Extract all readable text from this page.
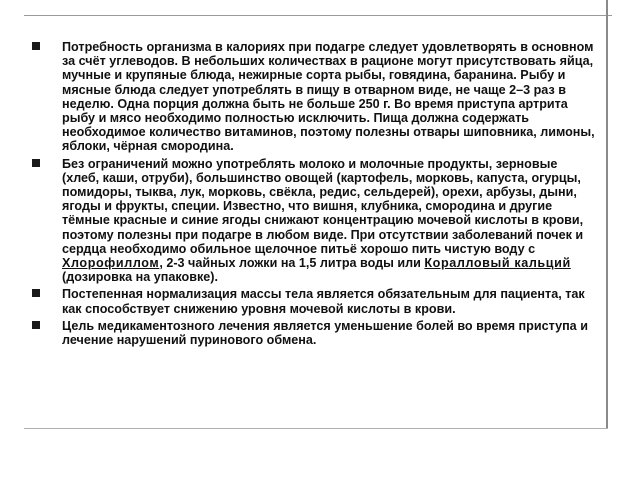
Потребность организма в калориях при подагре следует удовлетворять в основном за счёт углеводов. В небольших количествах в рационе могут присутствовать яйца, мучные и крупяные блюда, нежирные сорта рыбы, говядина, баранина. Рыбу и мясные блюда следует употреблять в пищу в отварном виде, не чаще 2–3 раз в неделю. Одна порция должна быть не больше 250 г. Во время приступа артрита рыбу и мясо необходимо полностью исключить. Пища должна содержать необходимое количество витаминов, поэтому полезны отвары шиповника, лимоны, яблоки, чёрная смородина.
Без ограничений можно употреблять молоко и молочные продукты, зерновые (хлеб, каши, отруби), большинство овощей (картофель, морковь, капуста, огурцы, помидоры, тыква, лук, морковь, свёкла, редис, сельдерей), орехи, арбузы, дыни, ягоды и фрукты, специи. Известно, что вишня, клубника, смородина и другие тёмные красные и синие ягоды снижают концентрацию мочевой кислоты в крови, поэтому полезны при подагре в любом виде. При отсутствии заболеваний почек и сердца необходимо обильное щелочное питьё хорошо пить чистую воду с Хлорофиллом, 2-3 чайных ложки на 1,5 литра воды или Коралловый кальций (дозировка на упаковке).
Постепенная нормализация массы тела является обязательным для пациента, так как способствует снижению уровня мочевой кислоты в крови.
Цель медикаментозного лечения является уменьшение болей во время приступа и лечение нарушений пуринового обмена.
